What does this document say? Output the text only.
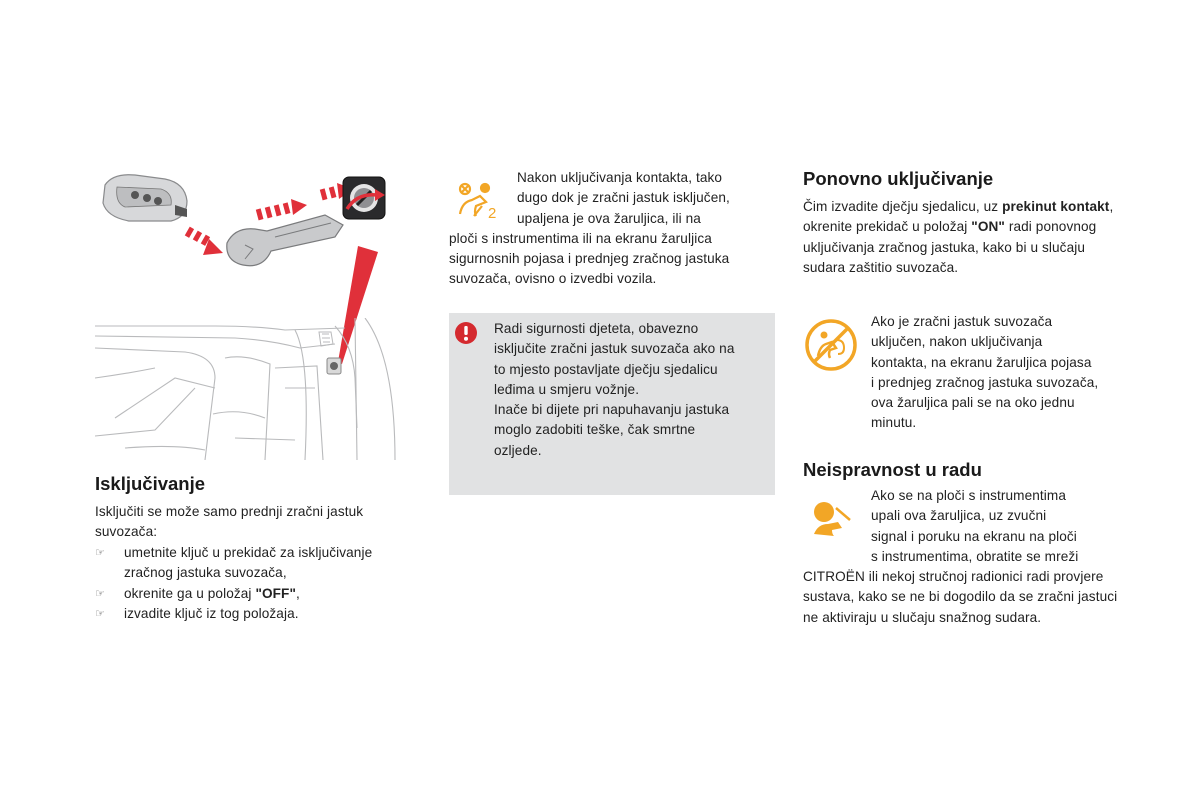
Isključivanje
Isključiti se može samo prednji zračni jastuk suvozača:
☞ umetnite ključ u prekidač za isključivanje
zračnog jastuka suvozača,
☞ okrenite ga u položaj "OFF",
☞ izvadite ključ iz tog položaja.
2
Nakon uključivanja kontakta, tako
dugo dok je zračni jastuk isključen,
upaljena je ova žaruljica, ili na
ploči s instrumentima ili na ekranu žaruljica sigurnosnih pojasa i prednjeg zračnog jastuka suvozača, ovisno o izvedbi vozila.
Radi sigurnosti djeteta, obavezno
isključite zračni jastuk suvozača ako na
to mjesto postavljate dječju sjedalicu
leđima u smjeru vožnje.
Inače bi dijete pri napuhavanju jastuka
moglo zadobiti teške, čak smrtne
ozljede.
Ponovno uključivanje
Čim izvadite dječju sjedalicu, uz prekinut kontakt, okrenite prekidač u položaj "ON" radi ponovnog uključivanja zračnog jastuka, kako bi u slučaju sudara zaštitio suvozača.
Ako je zračni jastuk suvozača
uključen, nakon uključivanja
kontakta, na ekranu žaruljica pojasa
i prednjeg zračnog jastuka suvozača,
ova žaruljica pali se na oko jednu
minutu.
Neispravnost u radu
Ako se na ploči s instrumentima
upali ova žaruljica, uz zvučni
signal i poruku na ekranu na ploči
s instrumentima, obratite se mreži
CITROËN ili nekoj stručnoj radionici radi provjere sustava, kako se ne bi dogodilo da se zračni jastuci ne aktiviraju u slučaju snažnog sudara.
